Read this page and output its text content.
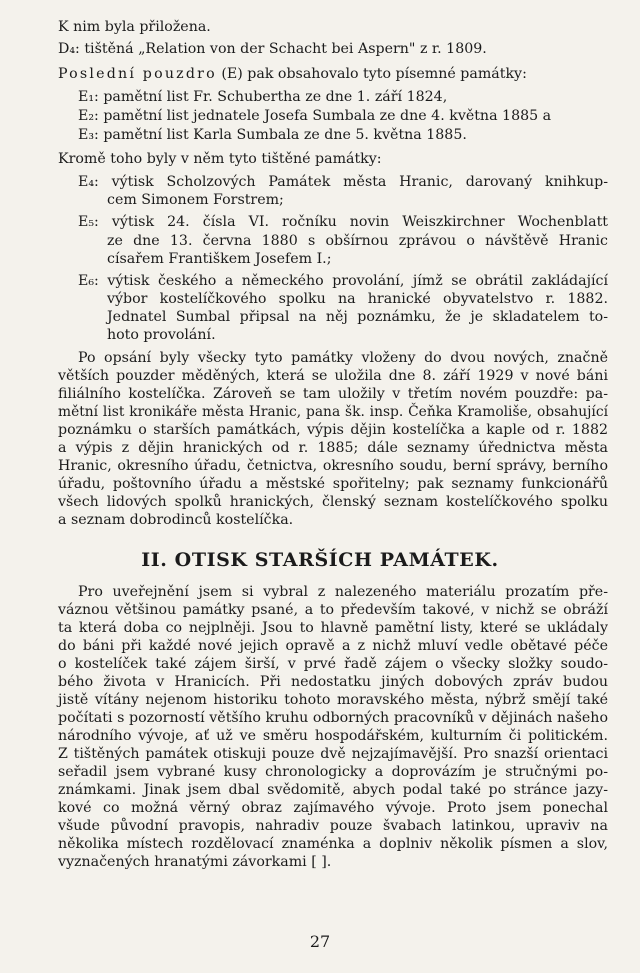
K nim byla přiložena.
D₄: tištěná „Relation von der Schacht bei Aspern" z r. 1809.
Poslední pouzdro (E) pak obsahovalo tyto písemné památky:
E₁: pamětní list Fr. Schubertha ze dne 1. září 1824,
E₂: pamětní list jednatele Josefa Sumbala ze dne 4. května 1885 a
E₃: pamětní list Karla Sumbala ze dne 5. května 1885.
Kromě toho byly v něm tyto tištěné památky:
E₄: výtisk Scholzových Památek města Hranic, darovaný knihkup-
cem Simonem Forstrem;
E₅: výtisk 24. čísla VI. ročníku novin Weiszkirchner Wochenblatt
ze dne 13. června 1880 s obšírnou zprávou o návštěvě Hranic
císařem Františkem Josefem I.;
E₆: výtisk českého a německého provolání, jímž se obrátil zakládající
výbor kostelíčkového spolku na hranické obyvatelstvo r. 1882.
Jednatel Sumbal připsal na něj poznámku, že je skladatelem to-
hoto provolání.
Po opsání byly všecky tyto památky vloženy do dvou nových, značně
větších pouzder měděných, která se uložila dne 8. září 1929 v nové báni
filiálního kostelíčka. Zároveň se tam uložily v třetím novém pouzdře: pa-
mětní list kronikáře města Hranic, pana šk. insp. Čeňka Kramoliše, obsahující
poznámku o starších památkách, výpis dějin kostelíčka a kaple od r. 1882
a výpis z dějin hranických od r. 1885; dále seznamy úřednictva města
Hranic, okresního úřadu, četnictva, okresního soudu, berní správy, berního
úřadu, poštovního úřadu a městské spořitelny; pak seznamy funkcionářů
všech lidových spolků hranických, členský seznam kostelíčkového spolku
a seznam dobrodinců kostelíčka.
II. OTISK STARŠÍCH PAMÁTEK.
Pro uveřejnění jsem si vybral z nalezeného materiálu prozatím pře-
váznou většinou památky psané, a to především takové, v nichž se obráží
ta která doba co nejplněji. Jsou to hlavně pamětní listy, které se ukládaly
do báni při každé nové jejich opravě a z nichž mluví vedle obětavé péče
o kostelíček také zájem širší, v prvé řadě zájem o všecky složky soudo-
bého života v Hranicích. Při nedostatku jiných dobových zpráv budou
jistě vítány nejenom historiku tohoto moravského města, nýbrž smějí také
počítati s pozorností většího kruhu odborných pracovníků v dějinách našeho
národního vývoje, ať už ve směru hospodářském, kulturním či politickém.
Z tištěných památek otiskuji pouze dvě nejzajímavější. Pro snazší orientaci
seřadil jsem vybrané kusy chronologicky a doprovázím je stručnými po-
známkami. Jinak jsem dbal svědomitě, abych podal také po stránce jazy-
kové co možná věrný obraz zajímavého vývoje. Proto jsem ponechal
všude původní pravopis, nahradiv pouze švabach latinkou, upraviv na
několika místech rozdělovací znaménka a doplniv několik písmen a slov,
vyznačených hranatými závorkami [ ].
27
